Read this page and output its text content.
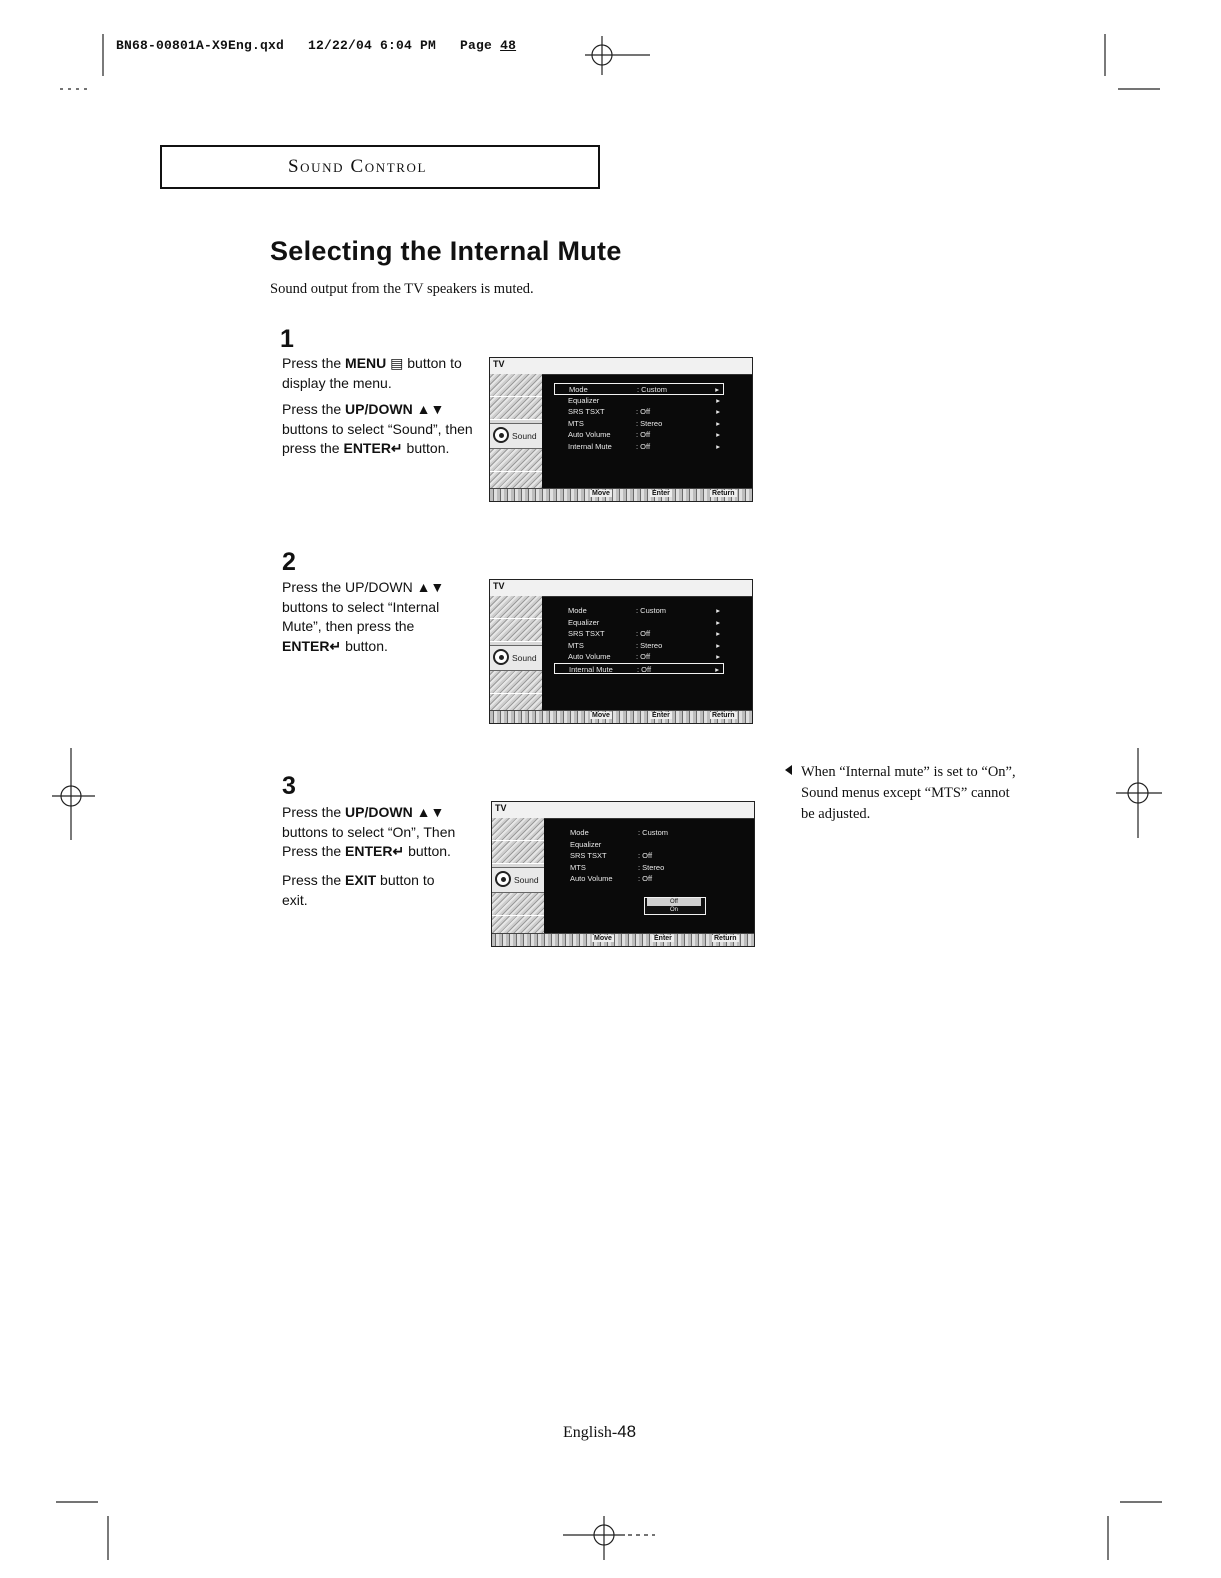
BN68-00801A-X9Eng.qxd   12/22/04 6:04 PM   Page 48
Sound Control
Selecting the Internal Mute
Sound output from the TV speakers is muted.
1
Press the MENU ▤ button to display the menu.
Press the UP/DOWN ▲▼ buttons to select “Sound”, then press the ENTER↵ button.
TV
Sound
Mode	: Custom	▸
Equalizer	▸
SRS TSXT	: Off	▸
MTS	: Stereo	▸
Auto Volume	: Off	▸
Internal Mute	: Off	▸
Move	Enter	Return
2
Press the UP/DOWN ▲▼ buttons to select “Internal Mute”, then press the ENTER↵ button.
TV
Sound
Mode	: Custom	▸
Equalizer	▸
SRS TSXT	: Off	▸
MTS	: Stereo	▸
Auto Volume	: Off	▸
Internal Mute	: Off	▸
Move	Enter	Return
3
Press the UP/DOWN ▲▼ buttons to select “On”, Then Press the ENTER↵ button.
Press the EXIT button to exit.
TV
Sound
Mode	: Custom
Equalizer
SRS TSXT	: Off
MTS	: Stereo
Auto Volume	: Off
Off
On
Move	Enter	Return
When “Internal mute” is set to “On”, Sound menus except “MTS” cannot be adjusted.
English-48
